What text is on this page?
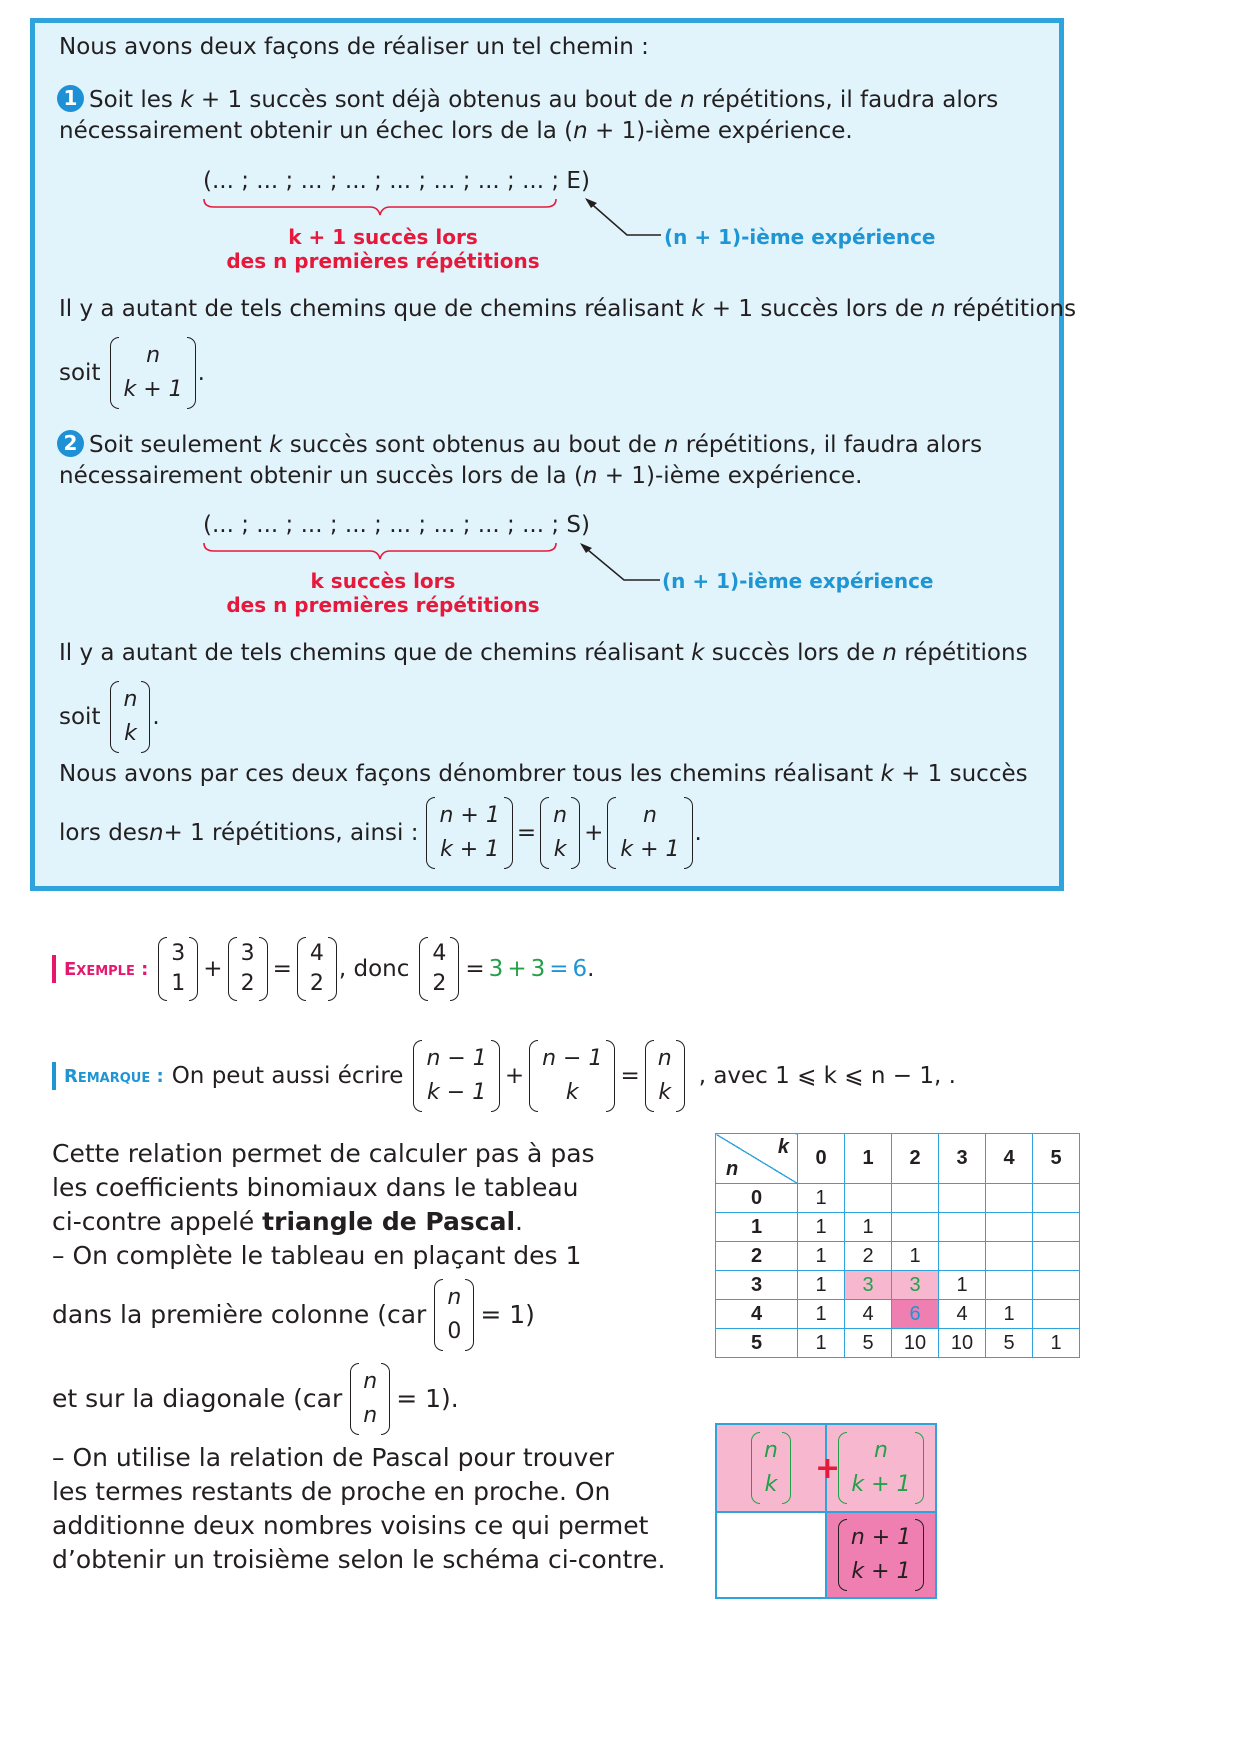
Nous avons deux façons de réaliser un tel chemin :
1 Soit les k + 1 succès sont déjà obtenus au bout de n répétitions, il faudra alors
nécessairement obtenir un échec lors de la (n + 1)-ième expérience.
(... ; ... ; ... ; ... ; ... ; ... ; ... ; ... ; E)
k + 1 succès lors
des n premières répétitions
(n + 1)-ième expérience
Il y a autant de tels chemins que de chemins réalisant k + 1 succès lors de n répétitions
soit
n
k + 1
.
2 Soit seulement k succès sont obtenus au bout de n répétitions, il faudra alors
nécessairement obtenir un succès lors de la (n + 1)-ième expérience.
(... ; ... ; ... ; ... ; ... ; ... ; ... ; ... ; S)
k succès lors
des n premières répétitions
(n + 1)-ième expérience
Il y a autant de tels chemins que de chemins réalisant k succès lors de n répétitions
soit
n
k
.
Nous avons par ces deux façons dénombrer tous les chemins réalisant k + 1 succès
lors des n + 1 répétitions, ainsi :
n + 1
k + 1
=
n
k
+
n
k + 1
.
Exemple :
3
1
+
3
2
=
4
2
, donc
4
2
= 3 + 3 = 6 .
Remarque : On peut aussi écrire
n − 1
k − 1
+
n − 1
k
=
n
k
, avec 1 ⩽ k ⩽ n − 1, .
Cette relation permet de calculer pas à pas
les coefficients binomiaux dans le tableau
ci-contre appelé triangle de Pascal.
– On complète le tableau en plaçant des 1
dans la première colonne (car
n
0
= 1)
et sur la diagonale (car
n
n
= 1).
– On utilise la relation de Pascal pour trouver
les termes restants de proche en proche. On
additionne deux nombres voisins ce qui permet
d’obtenir un troisième selon le schéma ci-contre.
k
n	0	1	2	3	4	5
0	1					
1	1	1				
2	1	2	1			
3	1	3	3	1		
4	1	4	6	4	1	
5	1	5	10	10	5	1
n
k
n
k + 1
+
n + 1
k + 1
